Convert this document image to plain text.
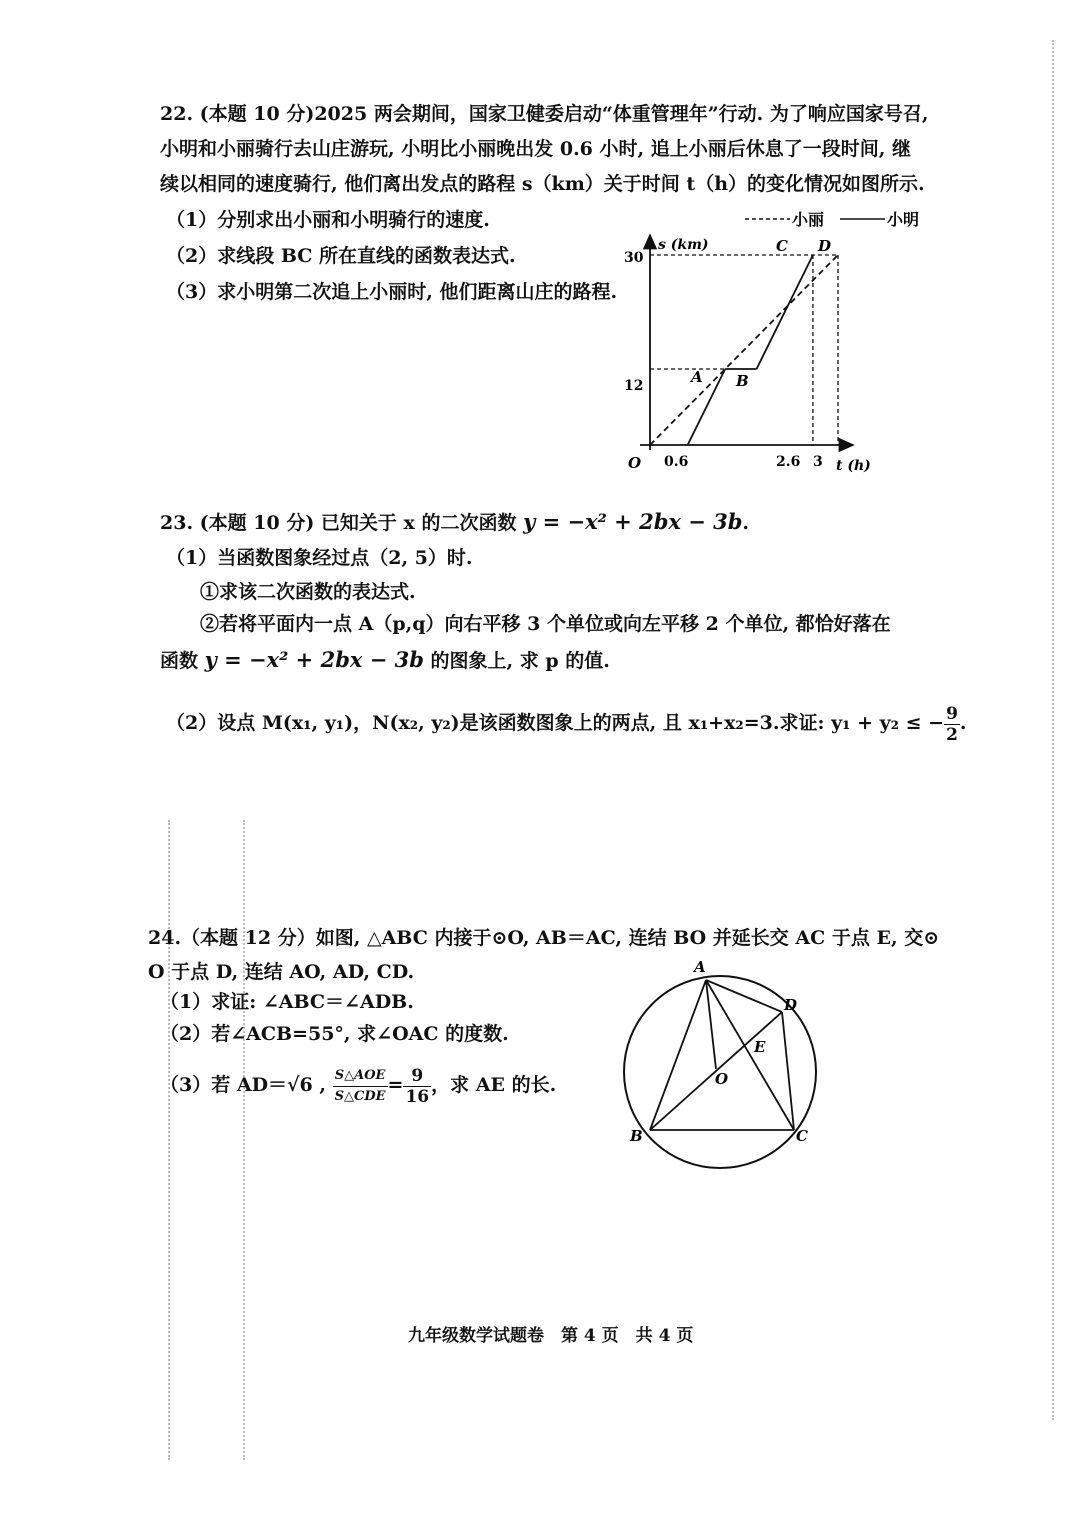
22. (本题 10 分)2025 两会期间，国家卫健委启动“体重管理年”行动. 为了响应国家号召,
小明和小丽骑行去山庄游玩, 小明比小丽晚出发 0.6 小时, 追上小丽后休息了一段时间, 继
续以相同的速度骑行, 他们离出发点的路程 s（km）关于时间 t（h）的变化情况如图所示.
（1）分别求出小丽和小明骑行的速度.
（2）求线段 BC 所在直线的函数表达式.
（3）求小明第二次追上小丽时, 他们距离山庄的路程.
小丽	小明
s (km)
t (h)
O
30
12
0.6	2.6 3
A B
C D
23. (本题 10 分) 已知关于 x 的二次函数 y = −x² + 2bx − 3b.
（1）当函数图象经过点（2, 5）时.
①求该二次函数的表达式.
②若将平面内一点 A（p,q）向右平移 3 个单位或向左平移 2 个单位, 都恰好落在
函数 y = −x² + 2bx − 3b 的图象上, 求 p 的值.
（2）设点 M(x₁, y₁)，N(x₂, y₂)是该函数图象上的两点, 且 x₁+x₂=3.求证: y₁ + y₂ ≤ − $\frac{9}{2}$ .
24.（本题 12 分）如图, △ABC 内接于⊙O, AB＝AC, 连结 BO 并延长交 AC 于点 E, 交⊙
O 于点 D, 连结 AO, AD, CD.
（1）求证: ∠ABC＝∠ADB.
（2）若∠ACB=55°, 求∠OAC 的度数.
（3）若 AD＝√6 , $\frac{\text{S△AOE}}{\text{S△CDE}} = \frac{9}{16}$ ，求 AE 的长.
A
B	C
D
E
O
九年级数学试题卷　第 4 页　共 4 页
